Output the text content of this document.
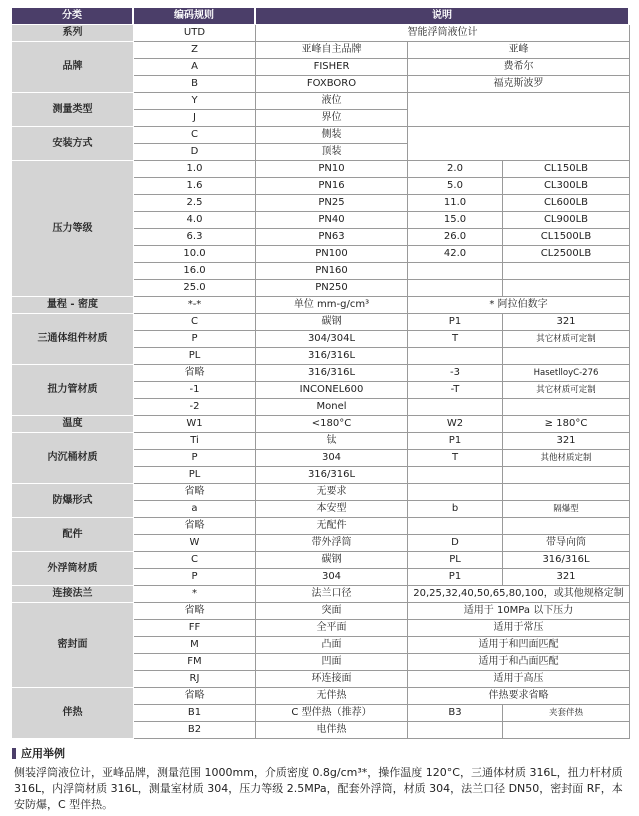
分类	编码规则	说明
系列	UTD	智能浮筒液位计
品牌
Z	亚峰自主品牌	亚峰
A	FISHER	费希尔
B	FOXBORO	福克斯波罗
测量类型
Y	液位
J	界位
安装方式
C	侧装
D	顶装
压力等级
1.0	PN10	2.0	CL150LB
1.6	PN16	5.0	CL300LB
2.5	PN25	11.0	CL600LB
4.0	PN40	15.0	CL900LB
6.3	PN63	26.0	CL1500LB
10.0	PN100	42.0	CL2500LB
16.0	PN160
25.0	PN250
量程 - 密度	*-*	单位 mm-g/cm³	* 阿拉伯数字
三通体组件材质
C	碳钢	P1	321
P	304/304L	T	其它材质可定制
PL	316/316L
扭力管材质
省略	316/316L	-3	HasetlloyC-276
-1	INCONEL600	-T	其它材质可定制
-2	Monel
温度	W1	<180°C	W2	≥ 180°C
内沉桶材质
Ti	钛	P1	321
P	304	T	其他材质定制
PL	316/316L
防爆形式
省略	无要求
a	本安型	b	隔爆型
配件
省略	无配件
W	带外浮筒	D	带导向筒
外浮筒材质
C	碳钢	PL	316/316L
P	304	P1	321
连接法兰	*	法兰口径	20,25,32,40,50,65,80,100，或其他规格定制
密封面
省略	突面	适用于 10MPa 以下压力
FF	全平面	适用于常压
M	凸面	适用于和凹面匹配
FM	凹面	适用于和凸面匹配
RJ	环连接面	适用于高压
伴热
省略	无伴热	伴热要求省略
B1	C 型伴热（推荐）	B3	夹套伴热
B2	电伴热
应用举例
侧装浮筒液位计，亚峰品牌，测量范围 1000mm，介质密度 0.8g/cm³*，操作温度 120°C，三通体材质 316L，扭力杆材质 316L，内浮筒材质 316L，测量室材质 304，压力等级 2.5MPa，配套外浮筒，材质 304，法兰口径 DN50，密封面 RF，本安防爆，C 型伴热。
